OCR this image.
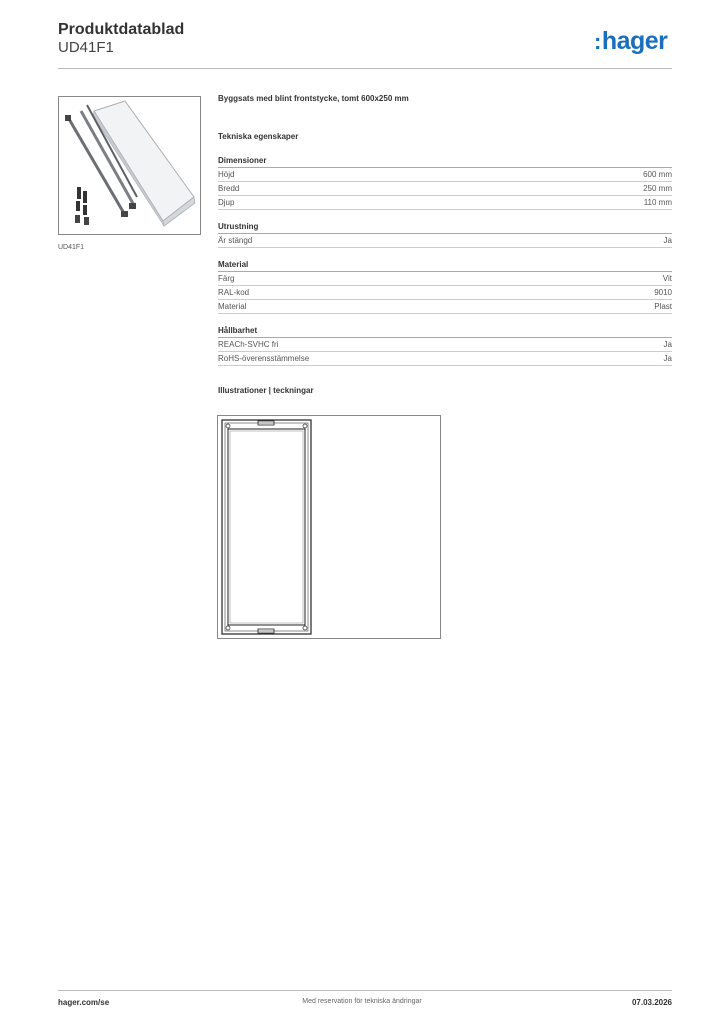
Produktdatablad
UD41F1	:hager
UD41F1
Byggsats med blint frontstycke, tomt 600x250 mm
Tekniska egenskaper
Dimensioner
Höjd	600 mm
Bredd	250 mm
Djup	110 mm
Utrustning
Är stängd	Ja
Material
Färg	Vit
RAL-kod	9010
Material	Plast
Hållbarhet
REACh-SVHC fri	Ja
RoHS-överensstämmelse	Ja
Illustrationer | teckningar
hager.com/se	Med reservation för tekniska ändringar	07.03.2026
